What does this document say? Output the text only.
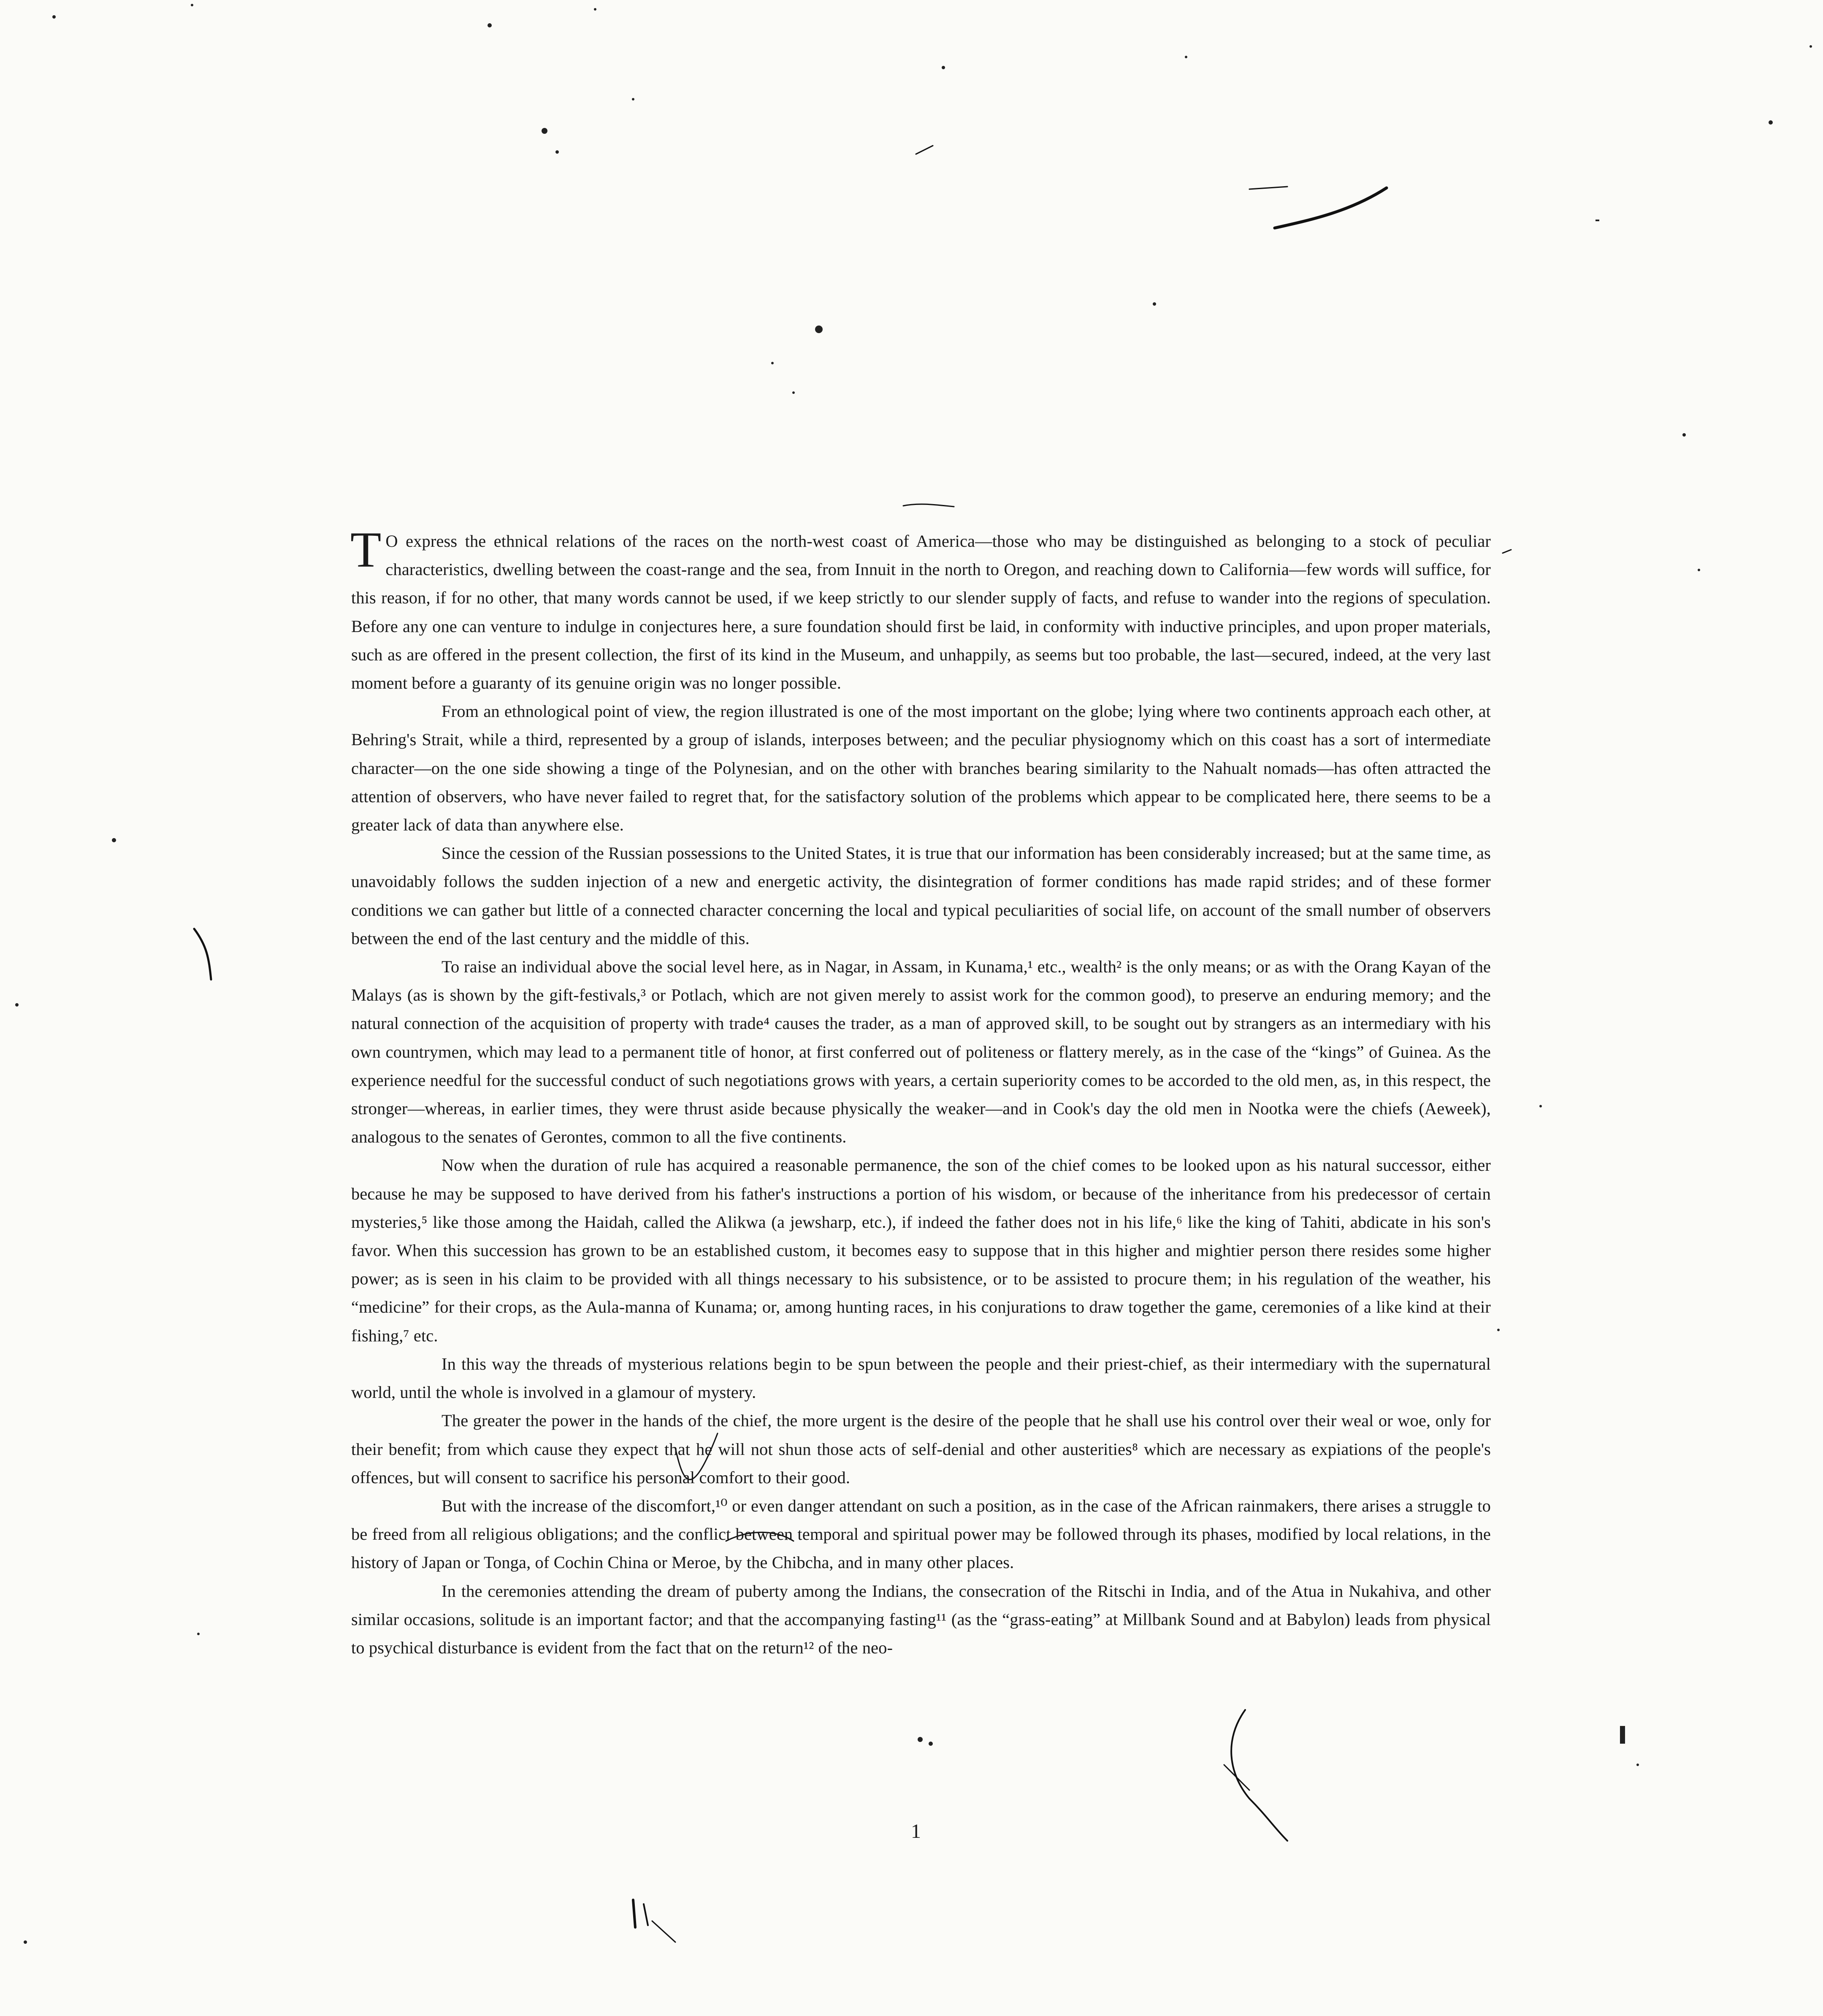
T O express the ethnical relations of the races on the north-west coast of America—those who may be distinguished as belonging to a stock of peculiar characteristics, dwelling between the coast-range and the sea, from Innuit in the north to Oregon, and reaching down to California—few words will suffice, for this reason, if for no other, that many words cannot be used, if we keep strictly to our slender supply of facts, and refuse to wander into the regions of speculation. Before any one can venture to indulge in conjectures here, a sure foundation should first be laid, in conformity with inductive principles, and upon proper materials, such as are offered in the present collection, the first of its kind in the Museum, and unhappily, as seems but too probable, the last—secured, indeed, at the very last moment before a guaranty of its genuine origin was no longer possible.

From an ethnological point of view, the region illustrated is one of the most important on the globe; lying where two continents approach each other, at Behring's Strait, while a third, represented by a group of islands, interposes between; and the peculiar physiognomy which on this coast has a sort of intermediate character—on the one side showing a tinge of the Polynesian, and on the other with branches bearing similarity to the Nahualt nomads—has often attracted the attention of observers, who have never failed to regret that, for the satisfactory solution of the problems which appear to be complicated here, there seems to be a greater lack of data than anywhere else.

Since the cession of the Russian possessions to the United States, it is true that our information has been considerably increased; but at the same time, as unavoidably follows the sudden injection of a new and energetic activity, the disintegration of former conditions has made rapid strides; and of these former conditions we can gather but little of a connected character concerning the local and typical peculiarities of social life, on account of the small number of observers between the end of the last century and the middle of this.

To raise an individual above the social level here, as in Nagar, in Assam, in Kunama,¹ etc., wealth² is the only means; or as with the Orang Kayan of the Malays (as is shown by the gift-festivals,³ or Potlach, which are not given merely to assist work for the common good), to preserve an enduring memory; and the natural connection of the acquisition of property with trade⁴ causes the trader, as a man of approved skill, to be sought out by strangers as an intermediary with his own countrymen, which may lead to a permanent title of honor, at first conferred out of politeness or flattery merely, as in the case of the “kings” of Guinea. As the experience needful for the successful conduct of such negotiations grows with years, a certain superiority comes to be accorded to the old men, as, in this respect, the stronger—whereas, in earlier times, they were thrust aside because physically the weaker—and in Cook's day the old men in Nootka were the chiefs (Aeweek), analogous to the senates of Gerontes, common to all the five continents.

Now when the duration of rule has acquired a reasonable permanence, the son of the chief comes to be looked upon as his natural successor, either because he may be supposed to have derived from his father's instructions a portion of his wisdom, or because of the inheritance from his predecessor of certain mysteries,⁵ like those among the Haidah, called the Alikwa (a jewsharp, etc.), if indeed the father does not in his life,⁶ like the king of Tahiti, abdicate in his son's favor. When this succession has grown to be an established custom, it becomes easy to suppose that in this higher and mightier person there resides some higher power; as is seen in his claim to be provided with all things necessary to his subsistence, or to be assisted to procure them; in his regulation of the weather, his “medicine” for their crops, as the Aula-manna of Kunama; or, among hunting races, in his conjurations to draw together the game, ceremonies of a like kind at their fishing,⁷ etc.

In this way the threads of mysterious relations begin to be spun between the people and their priest-chief, as their intermediary with the supernatural world, until the whole is involved in a glamour of mystery.

The greater the power in the hands of the chief, the more urgent is the desire of the people that he shall use his control over their weal or woe, only for their benefit; from which cause they expect that he will not shun those acts of self-denial and other austerities⁸ which are necessary as expiations of the people's offences, but will consent to sacrifice his personal comfort to their good.

But with the increase of the discomfort,¹⁰ or even danger attendant on such a position, as in the case of the African rainmakers, there arises a struggle to be freed from all religious obligations; and the conflict between temporal and spiritual power may be followed through its phases, modified by local relations, in the history of Japan or Tonga, of Cochin China or Meroe, by the Chibcha, and in many other places.

In the ceremonies attending the dream of puberty among the Indians, the consecration of the Ritschi in India, and of the Atua in Nukahiva, and other similar occasions, solitude is an important factor; and that the accompanying fasting¹¹ (as the “grass-eating” at Millbank Sound and at Babylon) leads from physical to psychical disturbance is evident from the fact that on the return¹² of the neo-

1
